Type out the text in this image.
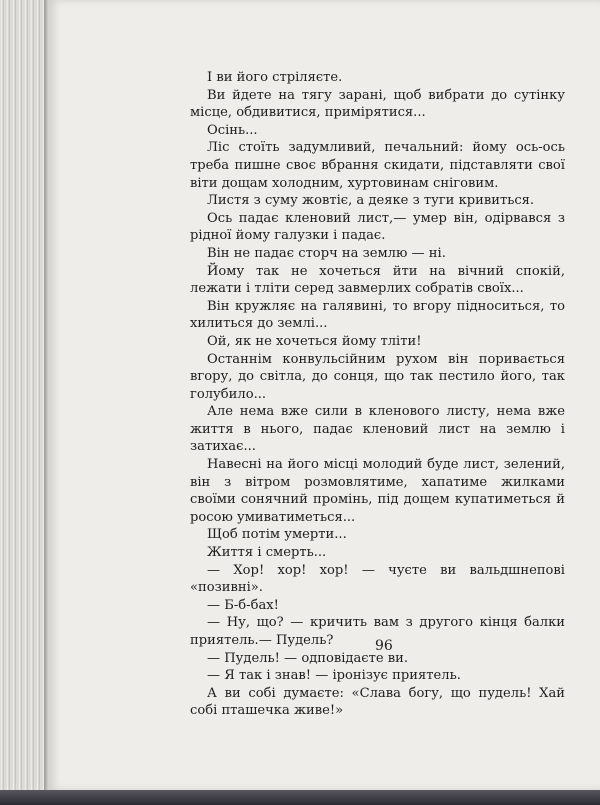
І ви його стріляєте.

Ви йдете на тягу зарані, щоб вибрати до сутінку місце, обдивитися, примірятися...

Осінь...

Ліс стоїть задумливий, печальний: йому ось-ось треба пишне своє вбрання скидати, підставляти свої віти дощам холодним, хуртовинам сніговим.

Листя з суму жовтіє, а деяке з туги кривиться.

Ось падає кленовий лист,— умер він, одірвався з рідної йому галузки і падає.

Він не падає сторч на землю — ні.

Йому так не хочеться йти на вічний спокій, лежати і тліти серед завмерлих собратів своїх...

Він кружляє на галявині, то вгору підноситься, то хилиться до землі...

Ой, як не хочеться йому тліти!

Останнім конвульсійним рухом він поривається вгору, до світла, до сонця, що так пестило його, так голубило...

Але нема вже сили в кленового листу, нема вже життя в нього, падає кленовий лист на землю і затихає...

Навесні на його місці молодий буде лист, зелений, він з вітром розмовлятиме, хапатиме жилками своїми сонячний промінь, під дощем купатиметься й росою умиватиметься...

Щоб потім умерти...

Життя і смерть...

— Хор! хор! хор! — чуєте ви вальдшнепові «позивні».

— Б-б-бах!

— Ну, що? — кричить вам з другого кінця балки приятель.— Пудель?

— Пудель! — одповідаєте ви.

— Я так і знав! — іронізує приятель.

А ви собі думаєте: «Слава богу, що пудель! Хай собі пташечка живе!»

96
